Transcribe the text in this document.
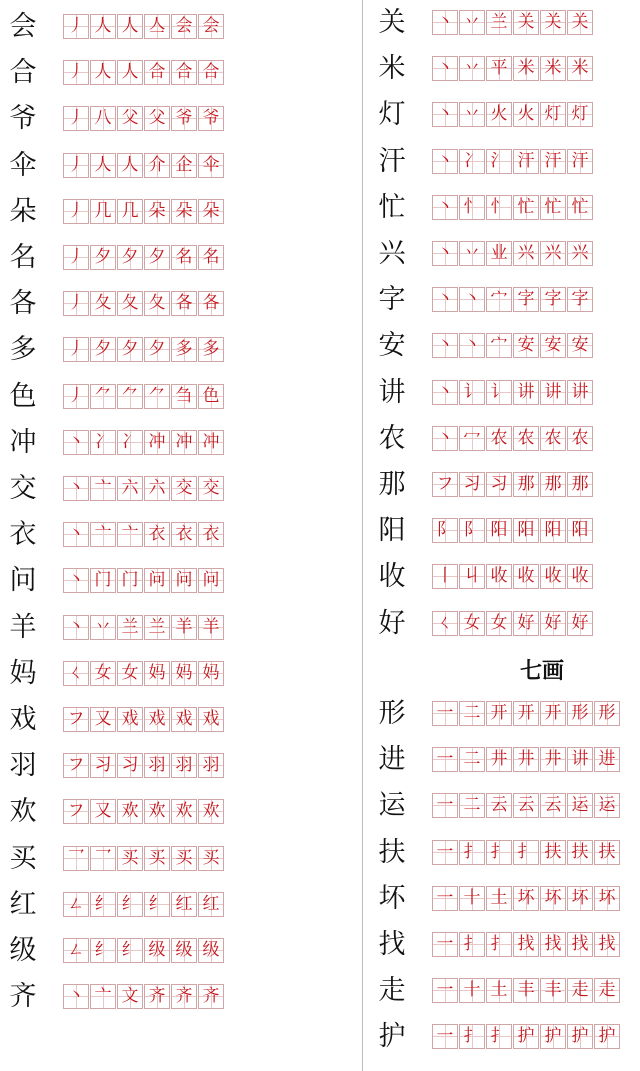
会 丿 人 人 亼 会 会
合 丿 人 人 合 合 合
爷 丿 八 父 父 爷 爷
伞 丿 人 人 介 企 伞
朵 丿 几 几 朵 朵 朵
名 丿 夕 夕 夕 名 名
各 丿 夂 夂 夂 各 各
多 丿 夕 夕 夕 多 多
色 丿 ⺈ ⺈ ⺈ 刍 色
冲 丶 冫 冫 冲 冲 冲
交 丶 亠 六 六 交 交
衣 丶 亠 亠 衣 衣 衣
问 丶 门 门 问 问 问
羊 丶 丷 兰 兰 羊 羊
妈 ㄑ 女 女 妈 妈 妈
戏 フ 又 戏 戏 戏 戏
羽 フ 习 习 羽 羽 羽
欢 フ 又 欢 欢 欢 欢
买 乛 乛 买 买 买 买
红 ㄥ 纟 纟 纟 红 红
级 ㄥ 纟 纟 级 级 级
齐 丶 亠 文 齐 齐 齐
关 丶 丷 兰 关 关 关
米 丶 丷 平 米 米 米
灯 丶 丷 火 火 灯 灯
汗 丶 冫 氵 汗 汗 汗
忙 丶 忄 忄 忙 忙 忙
兴 丶 丷 业 兴 兴 兴
字 丶 丶 宀 字 字 字
安 丶 丶 宀 安 安 安
讲 丶 讠 讠 讲 讲 讲
农 丶 冖 农 农 农 农
那 フ 习 习 那 那 那
阳 阝 阝 阳 阳 阳 阳
收 丨 丩 收 收 收 收
好 ㄑ 女 女 好 好 好
七画
形 一 二 开 开 开 形 形
进 一 二 井 井 井 讲 进
运 一 二 云 云 云 运 运
扶 一 扌 扌 扌 扶 扶 扶
坏 一 十 土 坏 坏 坏 坏
找 一 扌 扌 找 找 找 找
走 一 十 土 丰 丰 走 走
护 一 扌 扌 护 护 护 护
